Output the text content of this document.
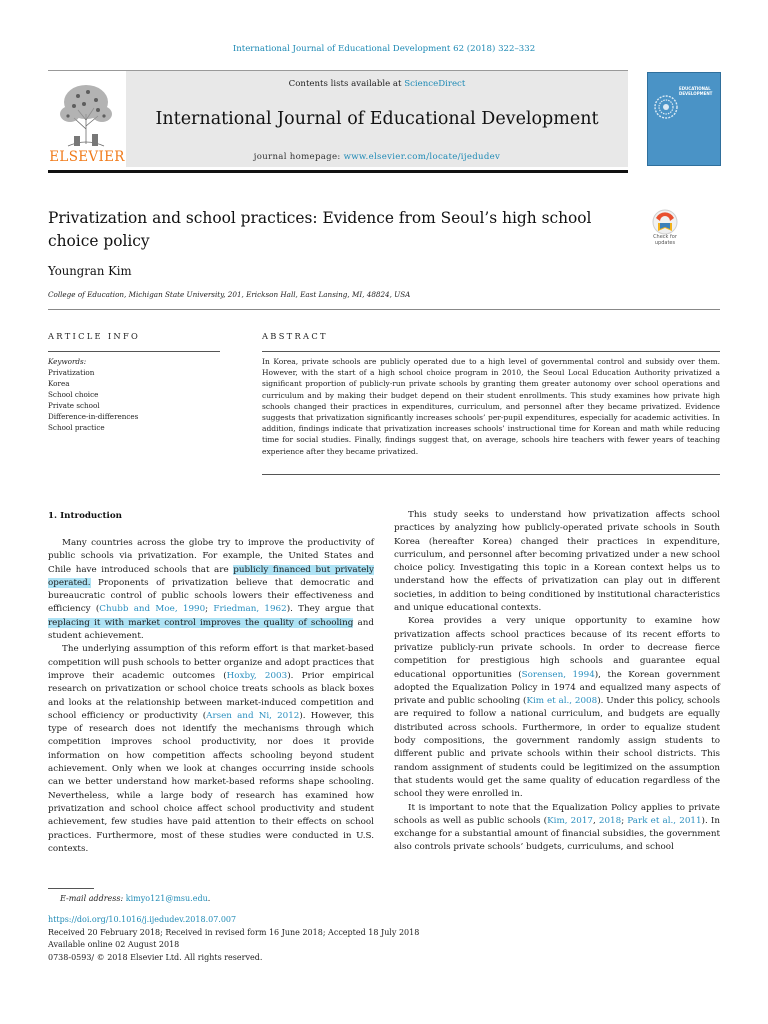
International Journal of Educational Development 62 (2018) 322–332
ELSEVIER
Contents lists available at ScienceDirect
International Journal of Educational Development
journal homepage: www.elsevier.com/locate/ijedudev
EDUCATIONAL DEVELOPMENT
Privatization and school practices: Evidence from Seoul’s high school choice policy	Check for updates
Youngran Kim
College of Education, Michigan State University, 201, Erickson Hall, East Lansing, MI, 48824, USA
ARTICLE INFO	ABSTRACT
Keywords:
Privatization
Korea
School choice
Private school
Difference-in-differences
School practice
In Korea, private schools are publicly operated due to a high level of governmental control and subsidy over them. However, with the start of a high school choice program in 2010, the Seoul Local Education Authority privatized a significant proportion of publicly-run private schools by granting them greater autonomy over school operations and curriculum and by making their budget depend on their student enrollments. This study examines how private high schools changed their practices in expenditures, curriculum, and personnel after they became privatized. Evidence suggests that privatization significantly increases schools’ per-pupil expenditures, especially for academic activities. In addition, findings indicate that privatization increases schools’ instructional time for Korean and math while reducing time for social studies. Finally, findings suggest that, on average, schools hire teachers with fewer years of teaching experience after they became privatized.
1. Introduction

Many countries across the globe try to improve the productivity of public schools via privatization. For example, the United States and Chile have introduced schools that are publicly financed but privately operated. Proponents of privatization believe that democratic and bureaucratic control of public schools lowers their effectiveness and efficiency (Chubb and Moe, 1990; Friedman, 1962). They argue that replacing it with market control improves the quality of schooling and student achievement.

The underlying assumption of this reform effort is that market-based competition will push schools to better organize and adopt practices that improve their academic outcomes (Hoxby, 2003). Prior empirical research on privatization or school choice treats schools as black boxes and looks at the relationship between market-induced competition and school efficiency or productivity (Arsen and Ni, 2012). However, this type of research does not identify the mechanisms through which competition improves school productivity, nor does it provide information on how competition affects schooling beyond student achievement. Only when we look at changes occurring inside schools can we better understand how market-based reforms shape schooling. Nevertheless, while a large body of research has examined how privatization and school choice affect school productivity and student achievement, few studies have paid attention to their effects on school practices. Furthermore, most of these studies were conducted in U.S. contexts.

This study seeks to understand how privatization affects school practices by analyzing how publicly-operated private schools in South Korea (hereafter Korea) changed their practices in expenditure, curriculum, and personnel after becoming privatized under a new school choice policy. Investigating this topic in a Korean context helps us to understand how the effects of privatization can play out in different societies, in addition to being conditioned by institutional characteristics and unique educational contexts.

Korea provides a very unique opportunity to examine how privatization affects school practices because of its recent efforts to privatize publicly-run private schools. In order to decrease fierce competition for prestigious high schools and guarantee equal educational opportunities (Sorensen, 1994), the Korean government adopted the Equalization Policy in 1974 and equalized many aspects of private and public schooling (Kim et al., 2008). Under this policy, schools are required to follow a national curriculum, and budgets are equally distributed across schools. Furthermore, in order to equalize student body compositions, the government randomly assign students to different public and private schools within their school districts. This random assignment of students could be legitimized on the assumption that students would get the same quality of education regardless of the school they were enrolled in.

It is important to note that the Equalization Policy applies to private schools as well as public schools (Kim, 2017, 2018; Park et al., 2011). In exchange for a substantial amount of financial subsidies, the government also controls private schools’ budgets, curriculums, and school

E-mail address: kimyo121@msu.edu.
https://doi.org/10.1016/j.ijedudev.2018.07.007
Received 20 February 2018; Received in revised form 16 June 2018; Accepted 18 July 2018
Available online 02 August 2018
0738-0593/ © 2018 Elsevier Ltd. All rights reserved.
